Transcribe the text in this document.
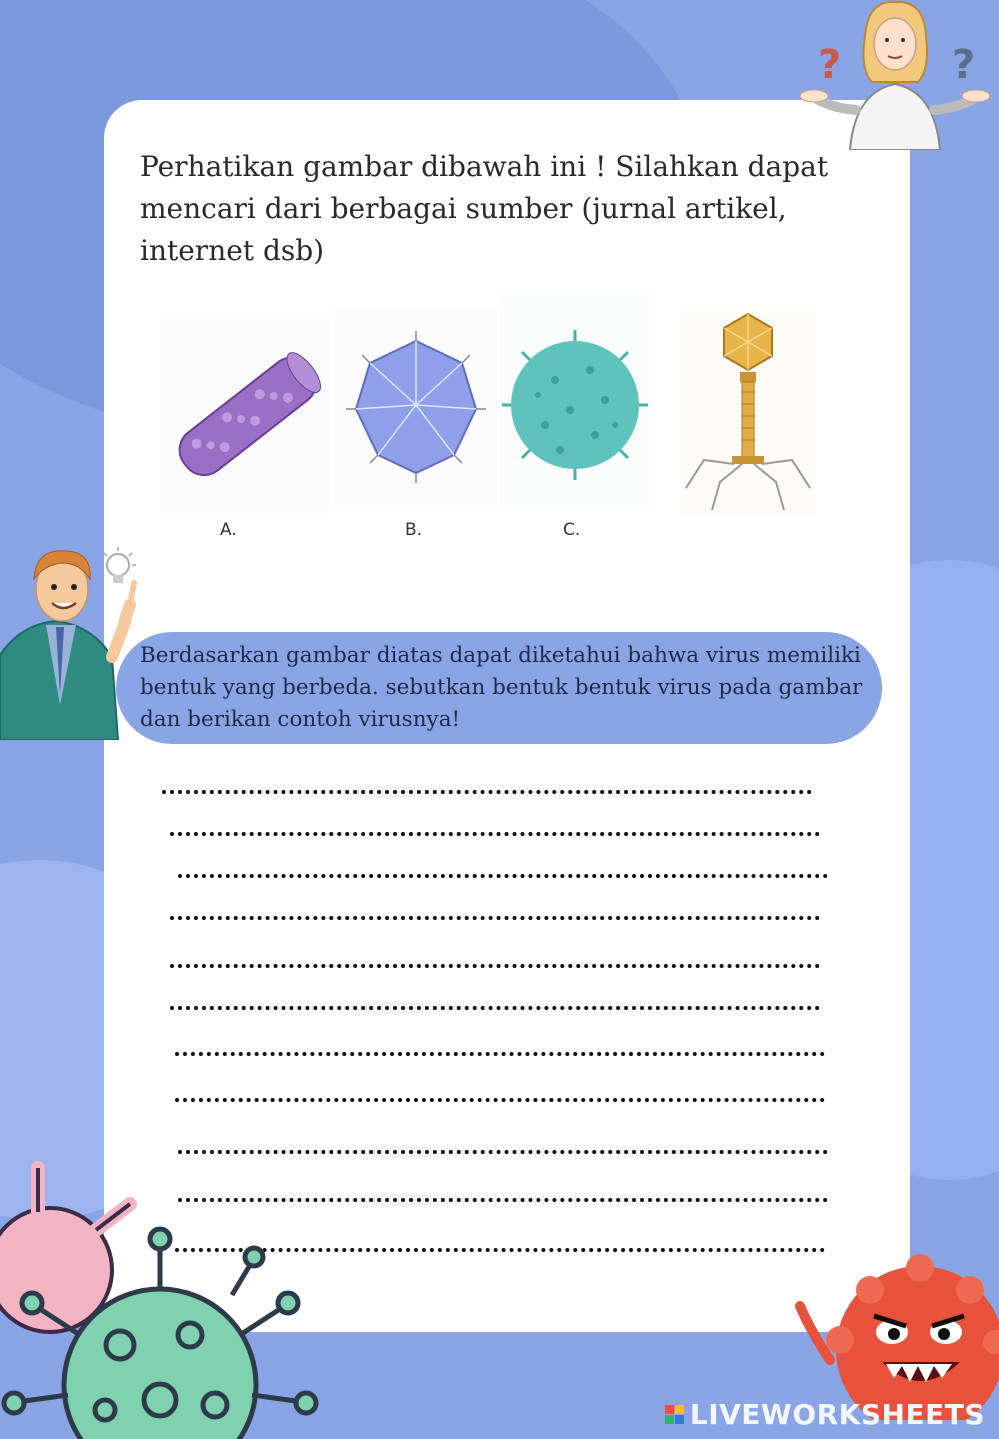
?	?

Perhatikan gambar dibawah ini ! Silahkan dapat mencari dari berbagai sumber (jurnal artikel, internet dsb)

A.	B.	C.

Berdasarkan gambar diatas dapat diketahui bahwa virus memiliki bentuk yang berbeda. sebutkan bentuk bentuk virus pada gambar dan berikan contoh virusnya!

LIVEWORKSHEETS
